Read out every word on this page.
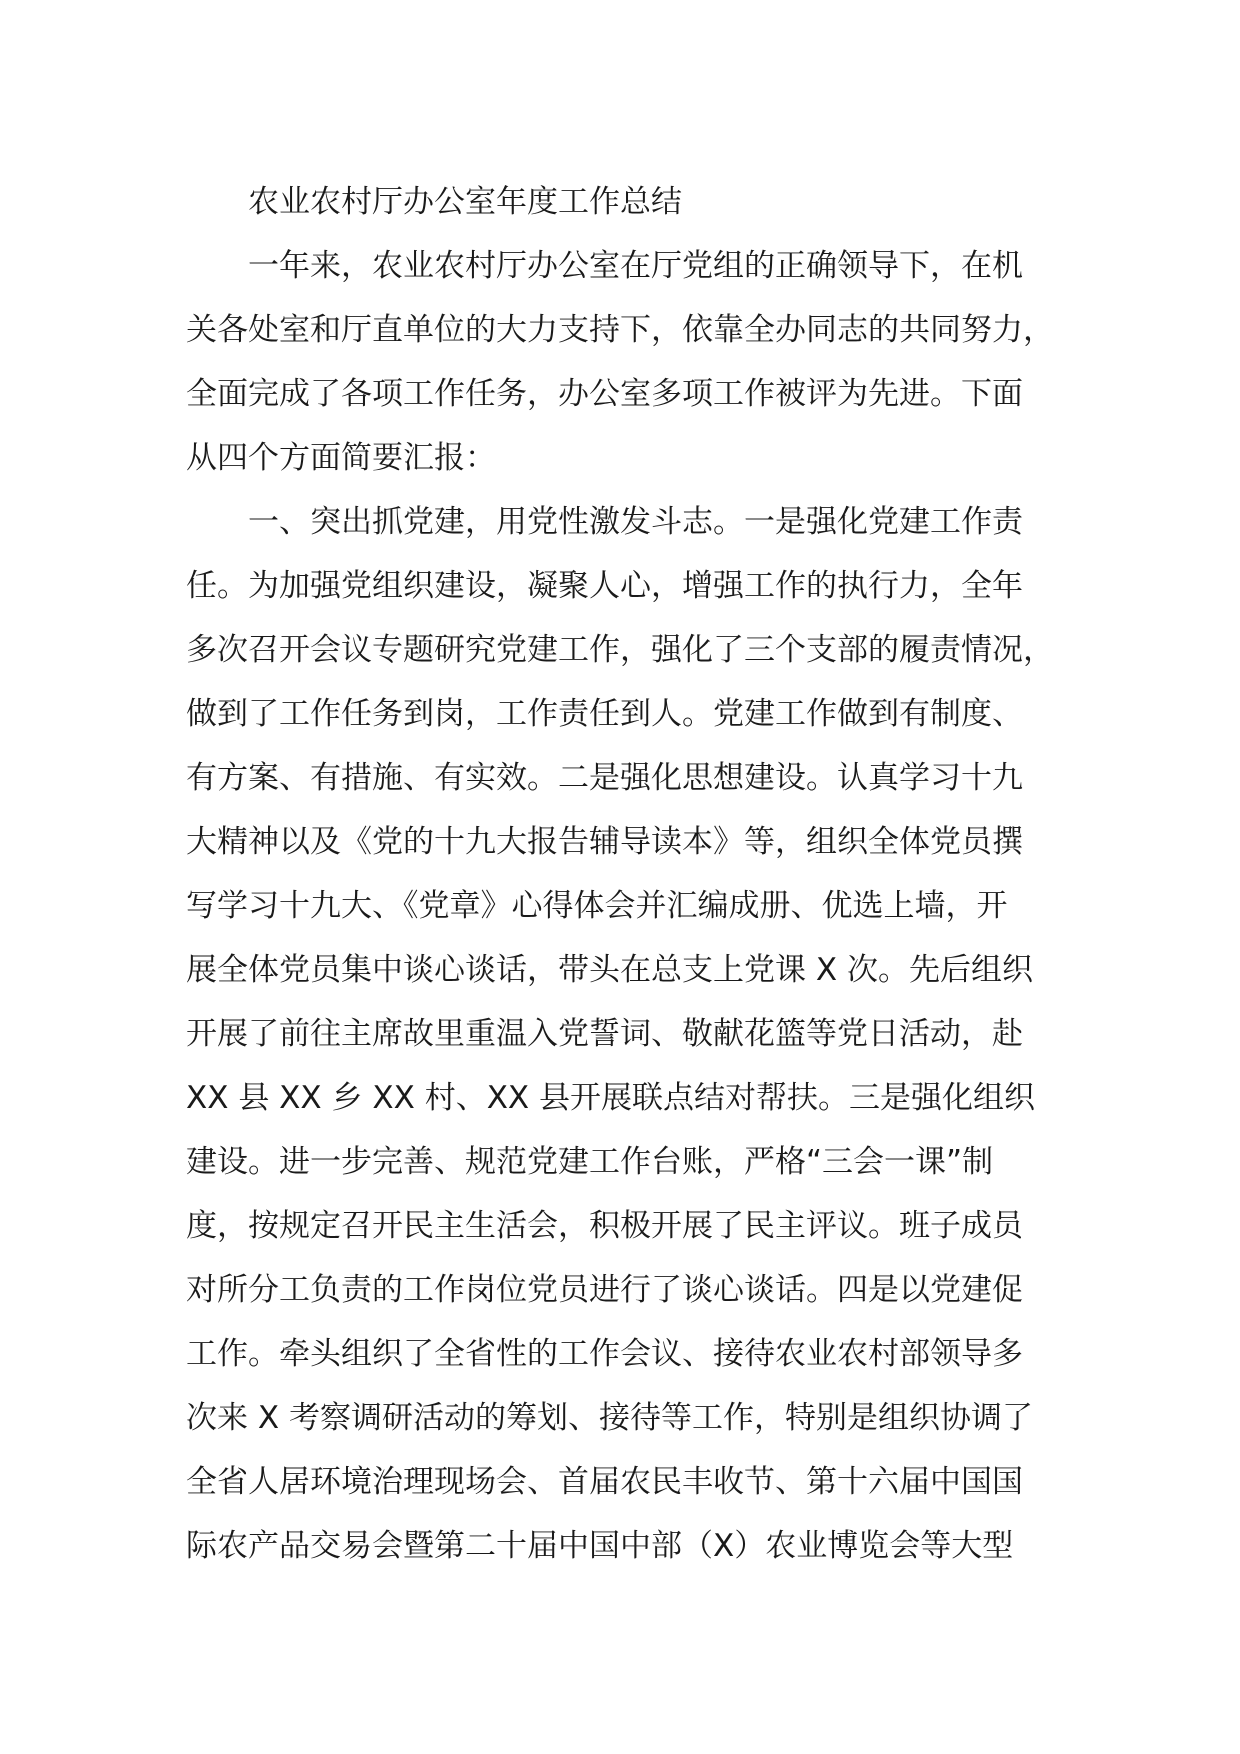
农业农村厅办公室年度工作总结
一年来，农业农村厅办公室在厅党组的正确领导下，在机
关各处室和厅直单位的大力支持下，依靠全办同志的共同努力，
全面完成了各项工作任务，办公室多项工作被评为先进。下面
从四个方面简要汇报：
一、突出抓党建，用党性激发斗志。一是强化党建工作责
任。为加强党组织建设，凝聚人心，增强工作的执行力，全年
多次召开会议专题研究党建工作，强化了三个支部的履责情况，
做到了工作任务到岗，工作责任到人。党建工作做到有制度、
有方案、有措施、有实效。二是强化思想建设。认真学习十九
大精神以及《党的十九大报告辅导读本》等，组织全体党员撰
写学习十九大、《党章》心得体会并汇编成册、优选上墙，开
展全体党员集中谈心谈话，带头在总支上党课 X 次。先后组织
开展了前往主席故里重温入党誓词、敬献花篮等党日活动，赴
XX 县 XX 乡 XX 村、XX 县开展联点结对帮扶。三是强化组织
建设。进一步完善、规范党建工作台账，严格“三会一课”制
度，按规定召开民主生活会，积极开展了民主评议。班子成员
对所分工负责的工作岗位党员进行了谈心谈话。四是以党建促
工作。牵头组织了全省性的工作会议、接待农业农村部领导多
次来 X 考察调研活动的筹划、接待等工作，特别是组织协调了
全省人居环境治理现场会、首届农民丰收节、第十六届中国国
际农产品交易会暨第二十届中国中部（X）农业博览会等大型
